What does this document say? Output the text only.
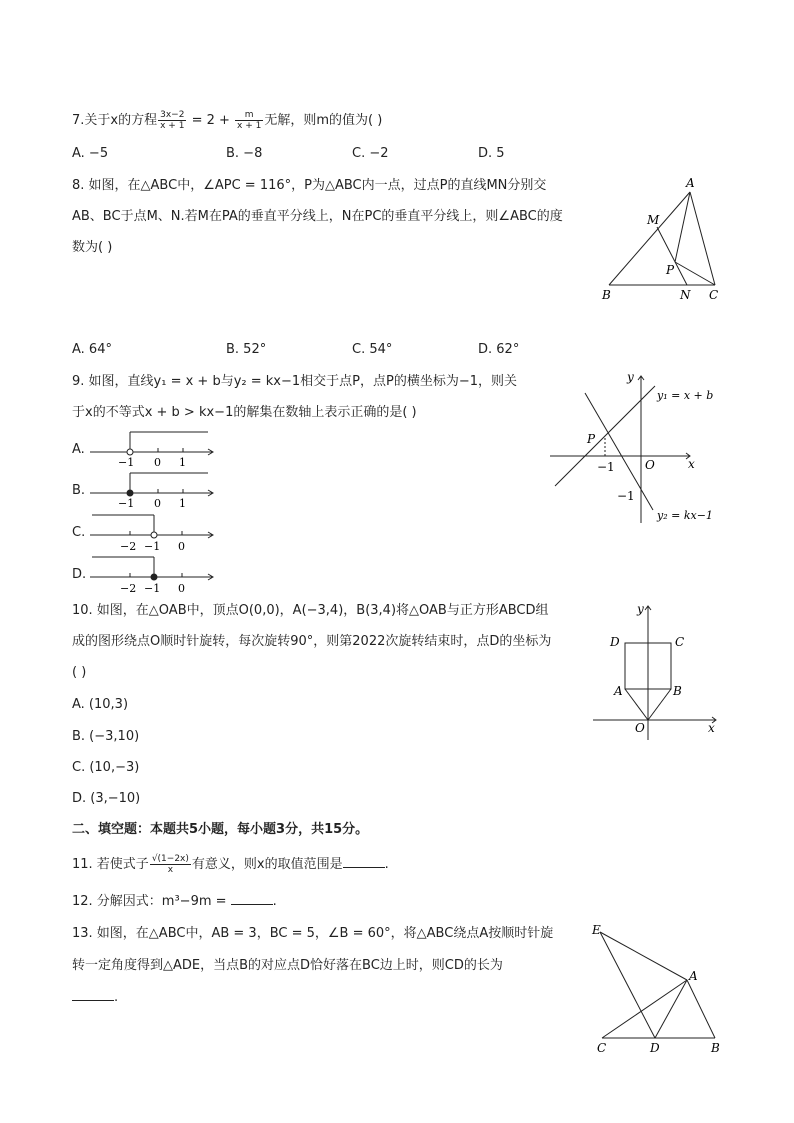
7.关于x的方程 $\frac{3x-2}{x + 1} = 2 + \frac{m}{x + 1}$ 无解，则m的值为( )
A. −5	B. −8	C. −2	D. 5
8. 如图，在△ABC中，∠APC = 116°，P为△ABC内一点，过点P的直线MN分别交
AB、BC于点M、N.若M在PA的垂直平分线上，N在PC的垂直平分线上，则∠ABC的度
数为( )
A
M
P
B	N C
A. 64°	B. 52°	C. 54°	D. 62°
9. 如图，直线y₁ = x + b与y₂ = kx−1相交于点P，点P的横坐标为−1，则关
于x的不等式x + b > kx−1的解集在数轴上表示正确的是( )
y
x
O
P
−1
−1
y₁ = x + b
y₂ = kx−1
A.
−1 0 1
B.
−1 0 1
C.
−2 −1 0
D.
−2 −1 0
10. 如图，在△OAB中，顶点O(0,0)，A(−3,4)，B(3,4)将△OAB与正方形ABCD组
成的图形绕点O顺时针旋转，每次旋转90°，则第2022次旋转结束时，点D的坐标为
( )
y
x
O
A	B
C
D
A. (10,3)
B. (−3,10)
C. (10,−3)
D. (3,−10)
二、填空题：本题共5小题，每小题3分，共15分。
11. 若使式子 $\frac{√(1-2x)}{x}$ 有意义，则x的取值范围是	.
12. 分解因式：m³−9m =	.
13. 如图，在△ABC中，AB = 3，BC = 5，∠B = 60°，将△ABC绕点A按顺时针旋
转一定角度得到△ADE，当点B的对应点D恰好落在BC边上时，则CD的长为
.
E
A
C	D	B
